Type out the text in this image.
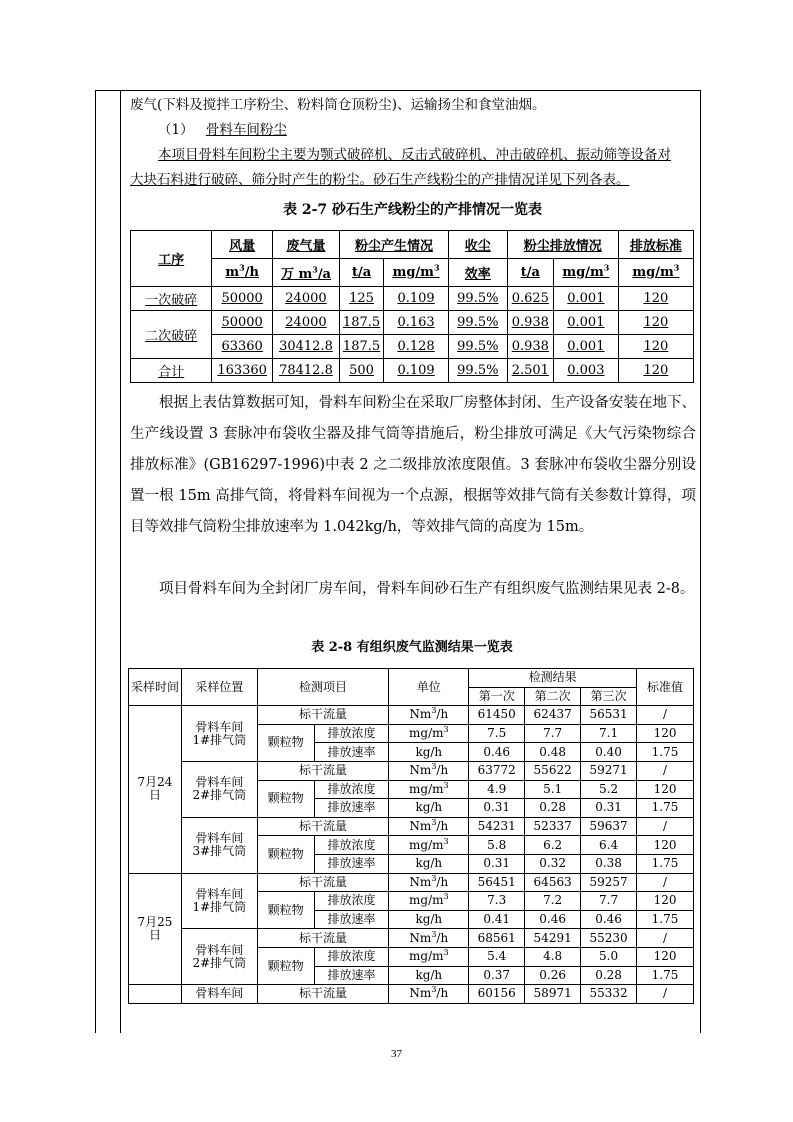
废气(下料及搅拌工序粉尘、粉料筒仓顶粉尘)、运输扬尘和食堂油烟。
（1） 骨料车间粉尘
本项目骨料车间粉尘主要为颚式破碎机、反击式破碎机、冲击破碎机、振动筛等设备对
大块石料进行破碎、筛分时产生的粉尘。砂石生产线粉尘的产排情况详见下列各表。
表 2-7 砂石生产线粉尘的产排情况一览表
工序	风量	废气量	粉尘产生情况		收尘	粉尘排放情况		排放标准
	$m^3/h$	万 $m^3/a$	t/a	$mg/m^3$	效率	t/a	$mg/m^3$	$mg/m^3$
一次破碎	50000	24000	125	0.109	99.5%	0.625	0.001	120
二次破碎	50000	24000	187.5	0.163	99.5%	0.938	0.001	120
	63360	30412.8	187.5	0.128	99.5%	0.938	0.001	120
合计	163360	78412.8	500	0.109	99.5%	2.501	0.003	120

根据上表估算数据可知，骨料车间粉尘在采取厂房整体封闭、生产设备安装在地下、生产线设置 3 套脉冲布袋收尘器及排气筒等措施后，粉尘排放可满足《大气污染物综合排放标准》(GB16297-1996)中表 2 之二级排放浓度限值。3 套脉冲布袋收尘器分别设置一根 15m 高排气筒，将骨料车间视为一个点源，根据等效排气筒有关参数计算得，项目等效排气筒粉尘排放速率为 1.042kg/h，等效排气筒的高度为 15m。

项目骨料车间为全封闭厂房车间，骨料车间砂石生产有组织废气监测结果见表 2-8。

表 2-8 有组织废气监测结果一览表
采样时间	采样位置	检测项目		单位	检测结果			标准值
					第一次	第二次	第三次	
7月24日	骨料车间1#排气筒	标干流量		Nm$^3$/h	61450	62437	56531	/
		颗粒物	排放浓度	$mg/m^3$	7.5	7.7	7.1	120
			排放速率	kg/h	0.46	0.48	0.40	1.75
	骨料车间2#排气筒	标干流量		Nm$^3$/h	63772	55622	59271	/
		颗粒物	排放浓度	$mg/m^3$	4.9	5.1	5.2	120
			排放速率	kg/h	0.31	0.28	0.31	1.75
	骨料车间3#排气筒	标干流量		Nm$^3$/h	54231	52337	59637	/
		颗粒物	排放浓度	$mg/m^3$	5.8	6.2	6.4	120
			排放速率	kg/h	0.31	0.32	0.38	1.75
7月25日	骨料车间1#排气筒	标干流量		Nm$^3$/h	56451	64563	59257	/
		颗粒物	排放浓度	$mg/m^3$	7.3	7.2	7.7	120
			排放速率	kg/h	0.41	0.46	0.46	1.75
	骨料车间2#排气筒	标干流量		Nm$^3$/h	68561	54291	55230	/
		颗粒物	排放浓度	$mg/m^3$	5.4	4.8	5.0	120
			排放速率	kg/h	0.37	0.26	0.28	1.75
	骨料车间	标干流量		Nm$^3$/h	60156	58971	55332	/
37
